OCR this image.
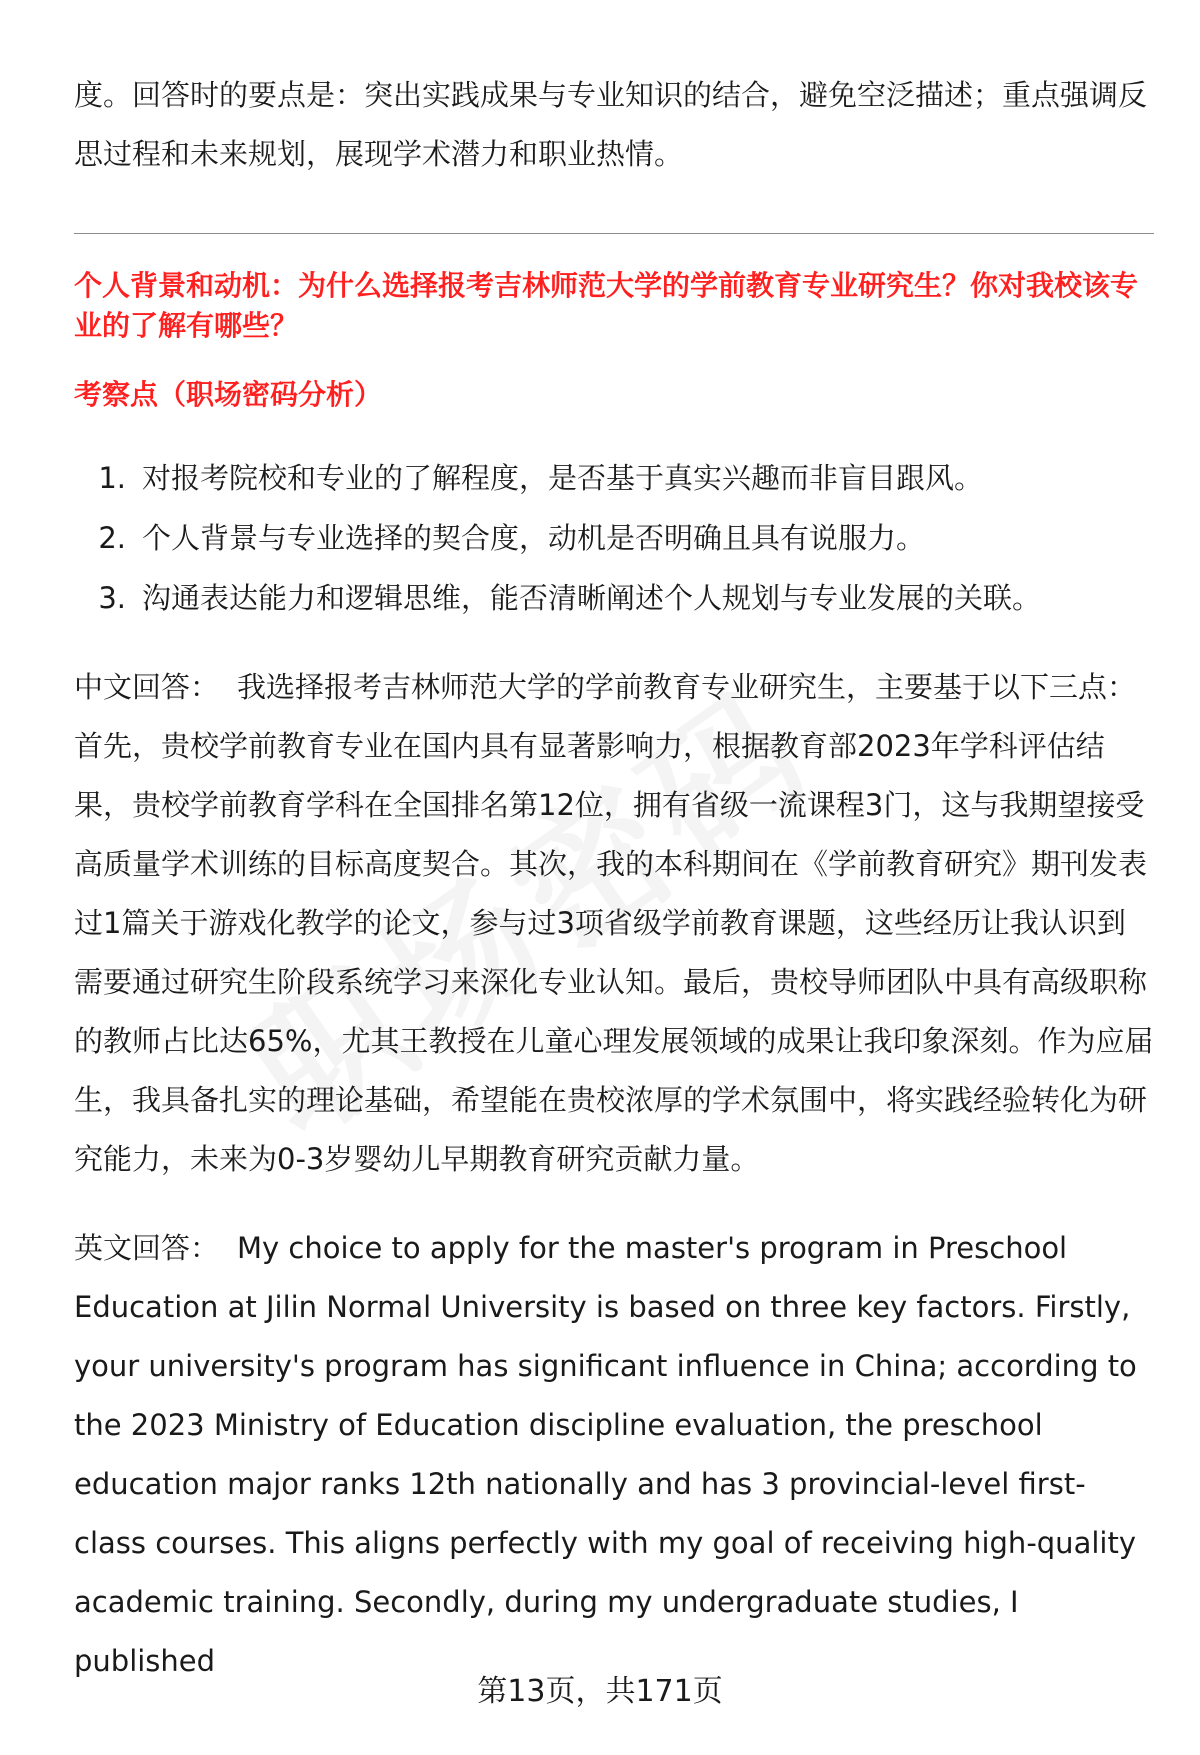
度。回答时的要点是：突出实践成果与专业知识的结合，避免空泛描述；重点强调反思过程和未来规划，展现学术潜力和职业热情。

个人背景和动机：为什么选择报考吉林师范大学的学前教育专业研究生？你对我校该专业的了解有哪些？
考察点（职场密码分析）
1. 对报考院校和专业的了解程度，是否基于真实兴趣而非盲目跟风。
2. 个人背景与专业选择的契合度，动机是否明确且具有说服力。
3. 沟通表达能力和逻辑思维，能否清晰阐述个人规划与专业发展的关联。

中文回答： 我选择报考吉林师范大学的学前教育专业研究生，主要基于以下三点：首先，贵校学前教育专业在国内具有显著影响力，根据教育部2023年学科评估结果，贵校学前教育学科在全国排名第12位，拥有省级一流课程3门，这与我期望接受高质量学术训练的目标高度契合。其次，我的本科期间在《学前教育研究》期刊发表过1篇关于游戏化教学的论文，参与过3项省级学前教育课题，这些经历让我认识到需要通过研究生阶段系统学习来深化专业认知。最后，贵校导师团队中具有高级职称的教师占比达65%，尤其王教授在儿童心理发展领域的成果让我印象深刻。作为应届生，我具备扎实的理论基础，希望能在贵校浓厚的学术氛围中，将实践经验转化为研究能力，未来为0-3岁婴幼儿早期教育研究贡献力量。

英文回答： My choice to apply for the master's program in Preschool Education at Jilin Normal University is based on three key factors. Firstly, your university's program has significant influence in China; according to the 2023 Ministry of Education discipline evaluation, the preschool education major ranks 12th nationally and has 3 provincial-level first-class courses. This aligns perfectly with my goal of receiving high-quality academic training. Secondly, during my undergraduate studies, I published

第13页，共171页
